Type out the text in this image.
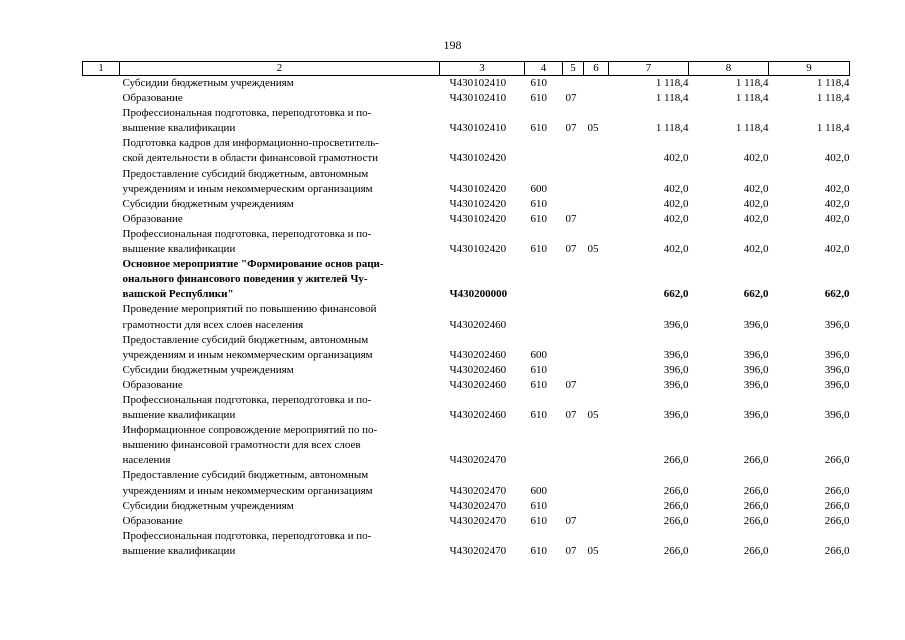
198
1	2	3	4	5	6	7	8	9

	Субсидии бюджетным учреждениям	Ч430102410	610			1 118,4	1 118,4	1 118,4

	Образование	Ч430102410	610	07		1 118,4	1 118,4	1 118,4

	Профессиональная подготовка, переподготовка и по-
вышение квалификации	Ч430102410	610	07	05	1 118,4	1 118,4	1 118,4

	Подготовка кадров для информационно-просветитель-
ской деятельности в области финансовой грамотности	Ч430102420				402,0	402,0	402,0

	Предоставление субсидий бюджетным, автономным
учреждениям и иным некоммерческим организациям	Ч430102420	600			402,0	402,0	402,0

	Субсидии бюджетным учреждениям	Ч430102420	610			402,0	402,0	402,0

	Образование	Ч430102420	610	07		402,0	402,0	402,0

	Профессиональная подготовка, переподготовка и по-
вышение квалификации	Ч430102420	610	07	05	402,0	402,0	402,0

	Основное мероприятие "Формирование основ раци-
онального финансового поведения у жителей Чу-
вашской Республики"	Ч430200000				662,0	662,0	662,0

	Проведение мероприятий по повышению финансовой
грамотности для всех слоев населения	Ч430202460				396,0	396,0	396,0

	Предоставление субсидий бюджетным, автономным
учреждениям и иным некоммерческим организациям	Ч430202460	600			396,0	396,0	396,0

	Субсидии бюджетным учреждениям	Ч430202460	610			396,0	396,0	396,0

	Образование	Ч430202460	610	07		396,0	396,0	396,0

	Профессиональная подготовка, переподготовка и по-
вышение квалификации	Ч430202460	610	07	05	396,0	396,0	396,0

	Информационное сопровождение мероприятий по по-
вышению финансовой грамотности для всех слоев
населения	Ч430202470				266,0	266,0	266,0

	Предоставление субсидий бюджетным, автономным
учреждениям и иным некоммерческим организациям	Ч430202470	600			266,0	266,0	266,0

	Субсидии бюджетным учреждениям	Ч430202470	610			266,0	266,0	266,0

	Образование	Ч430202470	610	07		266,0	266,0	266,0

	Профессиональная подготовка, переподготовка и по-
вышение квалификации	Ч430202470	610	07	05	266,0	266,0	266,0
